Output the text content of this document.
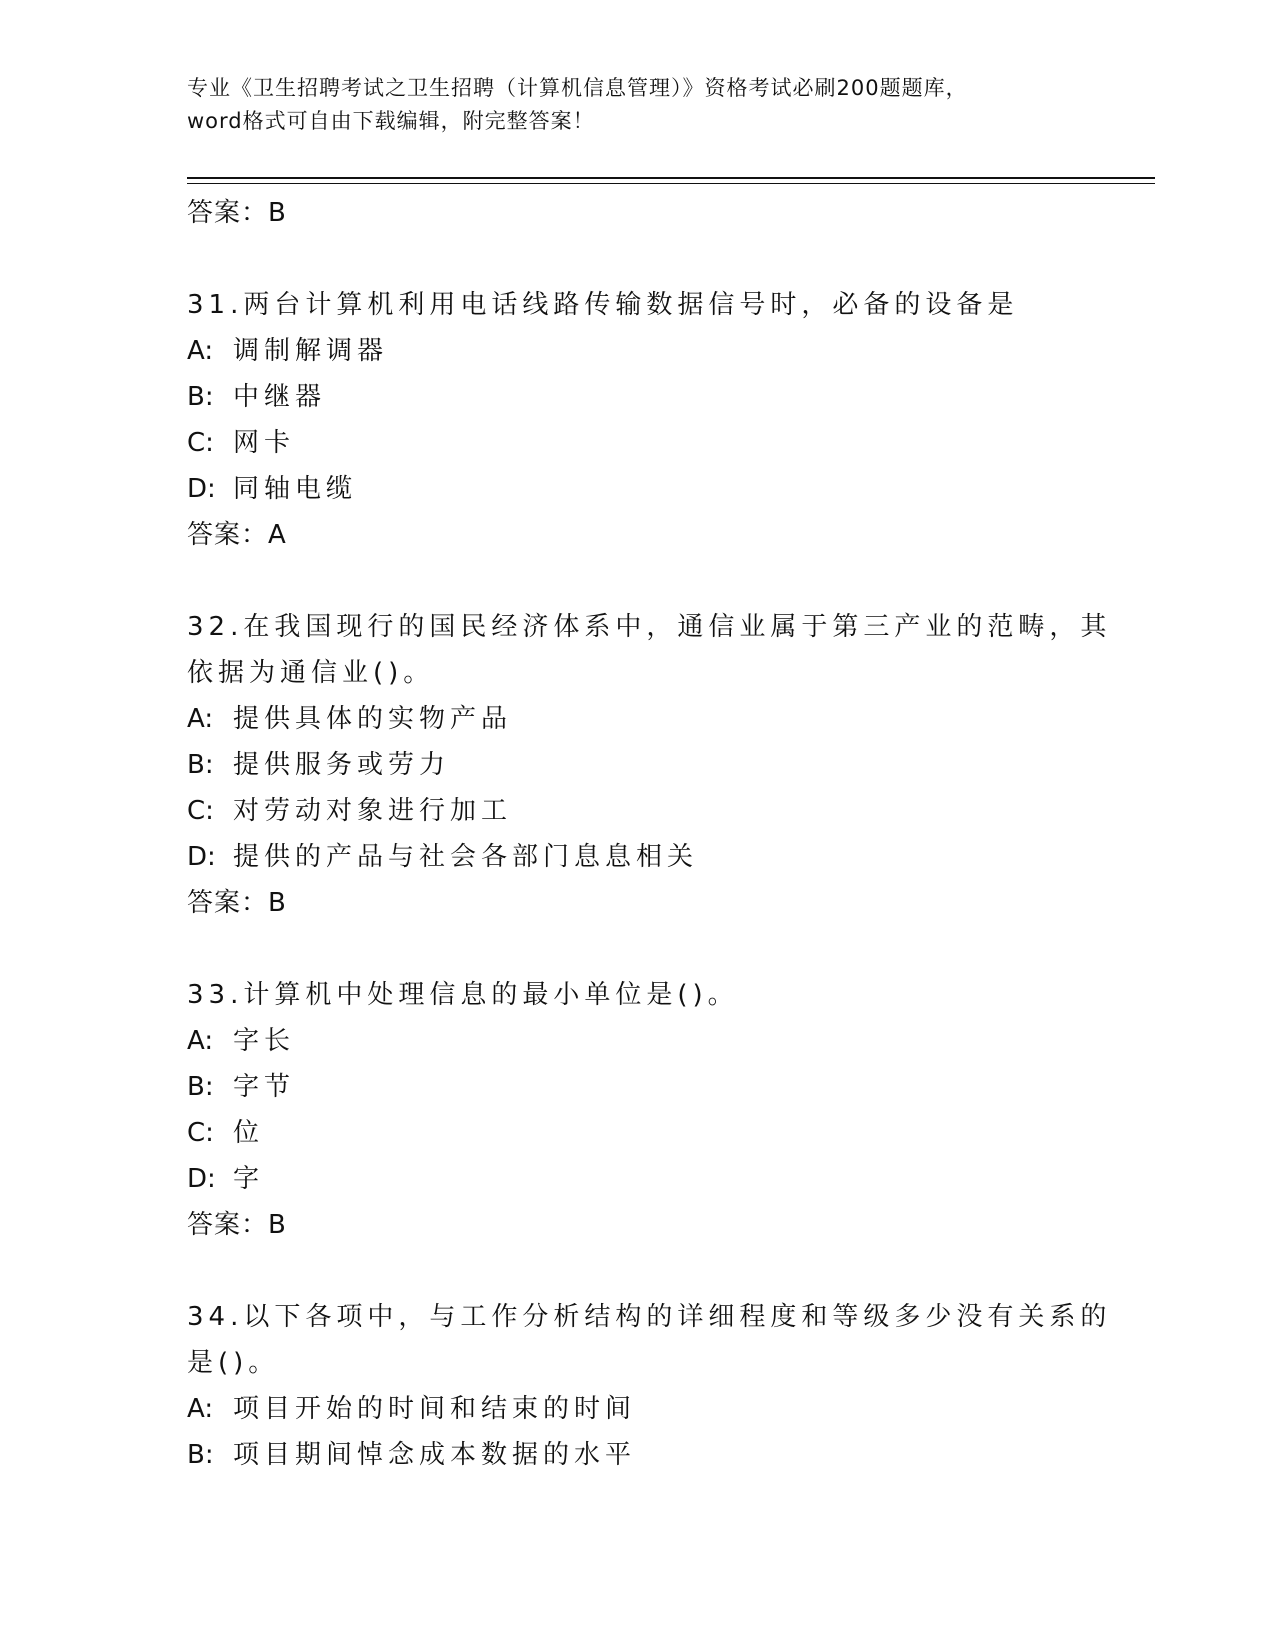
专业《卫生招聘考试之卫生招聘（计算机信息管理）》资格考试必刷200题题库，
word格式可自由下载编辑，附完整答案！
答案：B
31.两台计算机利用电话线路传输数据信号时，必备的设备是
A: 调制解调器
B: 中继器
C: 网卡
D: 同轴电缆
答案：A
32.在我国现行的国民经济体系中，通信业属于第三产业的范畴，其依据为通信业()。
A: 提供具体的实物产品
B: 提供服务或劳力
C: 对劳动对象进行加工
D: 提供的产品与社会各部门息息相关
答案：B
33.计算机中处理信息的最小单位是()。
A: 字长
B: 字节
C: 位
D: 字
答案：B
34.以下各项中，与工作分析结构的详细程度和等级多少没有关系的是()。
A: 项目开始的时间和结束的时间
B: 项目期间悼念成本数据的水平
